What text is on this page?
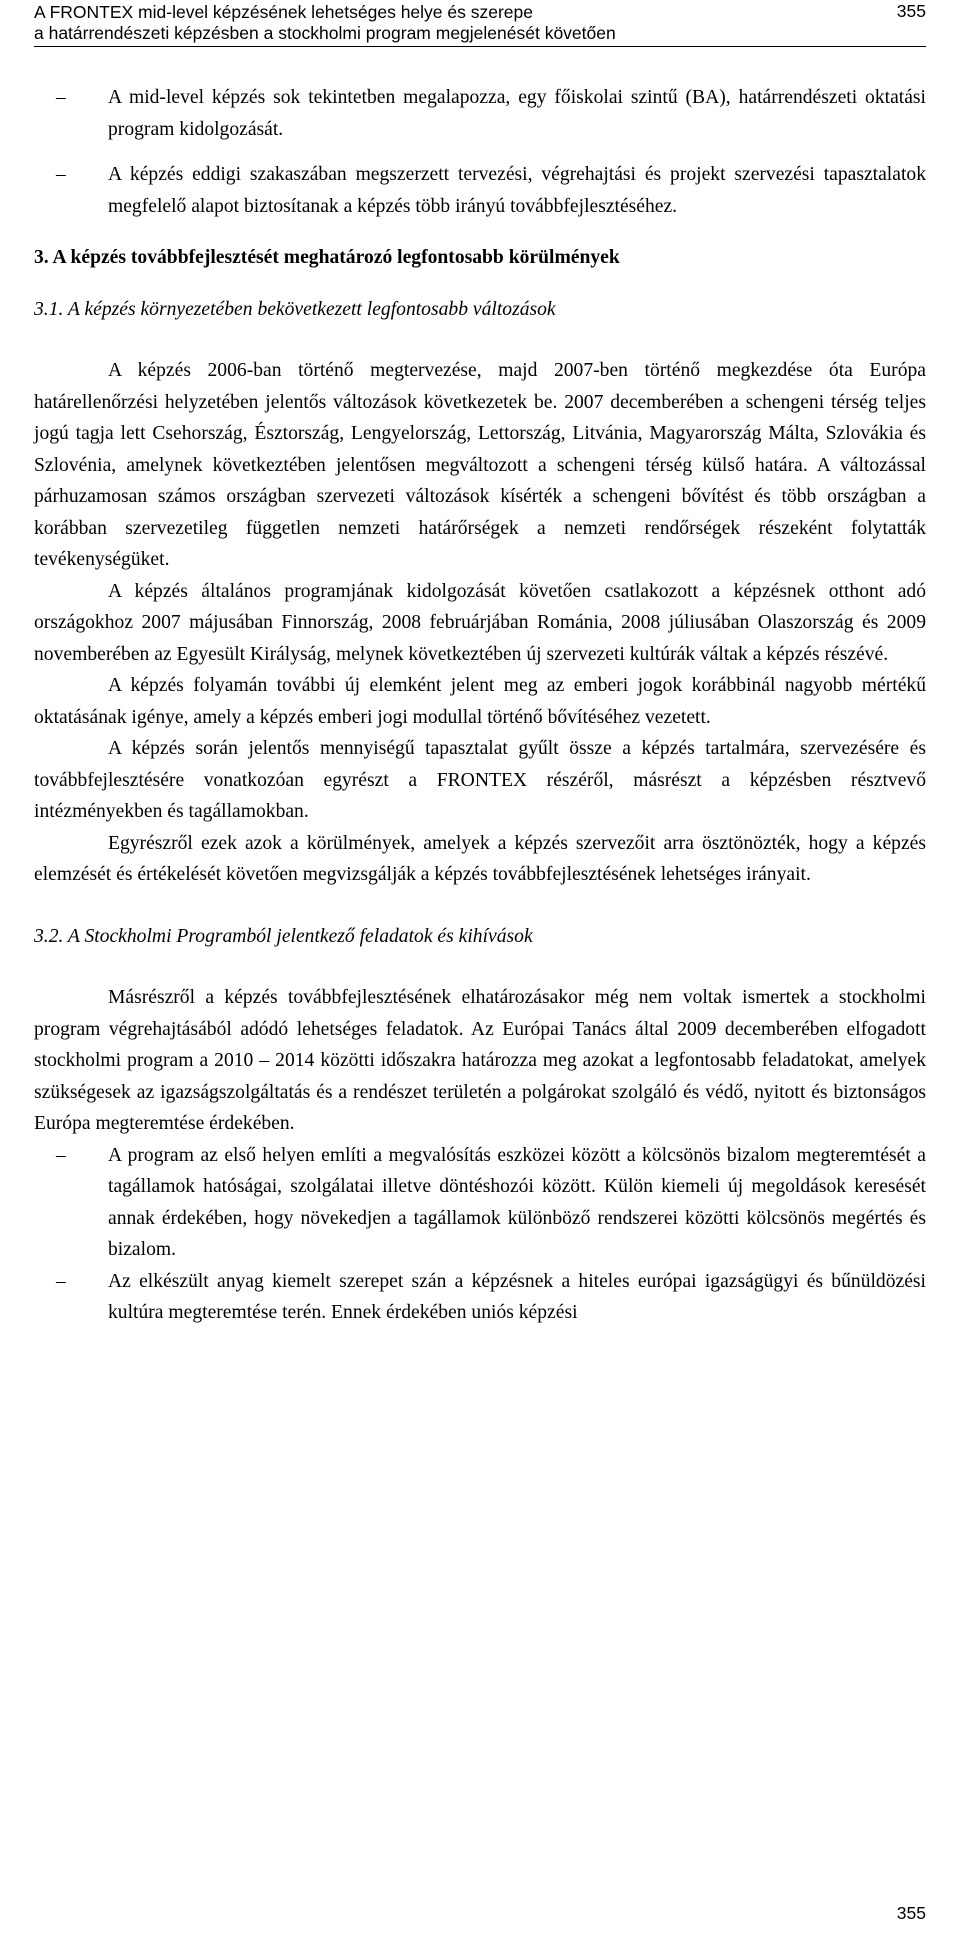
A FRONTEX mid-level képzésének lehetséges helye és szerepe
a határrendészeti képzésben a stockholmi program megjelenését követően
355

– A mid-level képzés sok tekintetben megalapozza, egy főiskolai szintű (BA), határrendészeti oktatási program kidolgozását.

– A képzés eddigi szakaszában megszerzett tervezési, végrehajtási és projekt szervezési tapasztalatok megfelelő alapot biztosítanak a képzés több irányú továbbfejlesztéséhez.

3. A képzés továbbfejlesztését meghatározó legfontosabb körülmények

3.1. A képzés környezetében bekövetkezett legfontosabb változások

A képzés 2006-ban történő megtervezése, majd 2007-ben történő megkezdése óta Európa határellenőrzési helyzetében jelentős változások következetek be. 2007 decemberében a schengeni térség teljes jogú tagja lett Csehország, Észtország, Lengyelország, Lettország, Litvánia, Magyarország Málta, Szlovákia és Szlovénia, amelynek következtében jelentősen megváltozott a schengeni térség külső határa. A változással párhuzamosan számos országban szervezeti változások kísérték a schengeni bővítést és több országban a korábban szervezetileg független nemzeti határőrségek a nemzeti rendőrségek részeként folytatták tevékenységüket.

A képzés általános programjának kidolgozását követően csatlakozott a képzésnek otthont adó országokhoz 2007 májusában Finnország, 2008 februárjában Románia, 2008 júliusában Olaszország és 2009 novemberében az Egyesült Királyság, melynek következtében új szervezeti kultúrák váltak a képzés részévé.

A képzés folyamán további új elemként jelent meg az emberi jogok korábbinál nagyobb mértékű oktatásának igénye, amely a képzés emberi jogi modullal történő bővítéséhez vezetett.

A képzés során jelentős mennyiségű tapasztalat gyűlt össze a képzés tartalmára, szervezésére és továbbfejlesztésére vonatkozóan egyrészt a FRONTEX részéről, másrészt a képzésben résztvevő intézményekben és tagállamokban.

Egyrészről ezek azok a körülmények, amelyek a képzés szervezőit arra ösztönözték, hogy a képzés elemzését és értékelését követően megvizsgálják a képzés továbbfejlesztésének lehetséges irányait.

3.2. A Stockholmi Programból jelentkező feladatok és kihívások

Másrészről a képzés továbbfejlesztésének elhatározásakor még nem voltak ismertek a stockholmi program végrehajtásából adódó lehetséges feladatok. Az Európai Tanács által 2009 decemberében elfogadott stockholmi program a 2010 – 2014 közötti időszakra határozza meg azokat a legfontosabb feladatokat, amelyek szükségesek az igazságszolgáltatás és a rendészet területén a polgárokat szolgáló és védő, nyitott és biztonságos Európa megteremtése érdekében.

– A program az első helyen említi a megvalósítás eszközei között a kölcsönös bizalom megteremtését a tagállamok hatóságai, szolgálatai illetve döntéshozói között. Külön kiemeli új megoldások keresését annak érdekében, hogy növekedjen a tagállamok különböző rendszerei közötti kölcsönös megértés és bizalom.

– Az elkészült anyag kiemelt szerepet szán a képzésnek a hiteles európai igazságügyi és bűnüldözési kultúra megteremtése terén. Ennek érdekében uniós képzési

355
